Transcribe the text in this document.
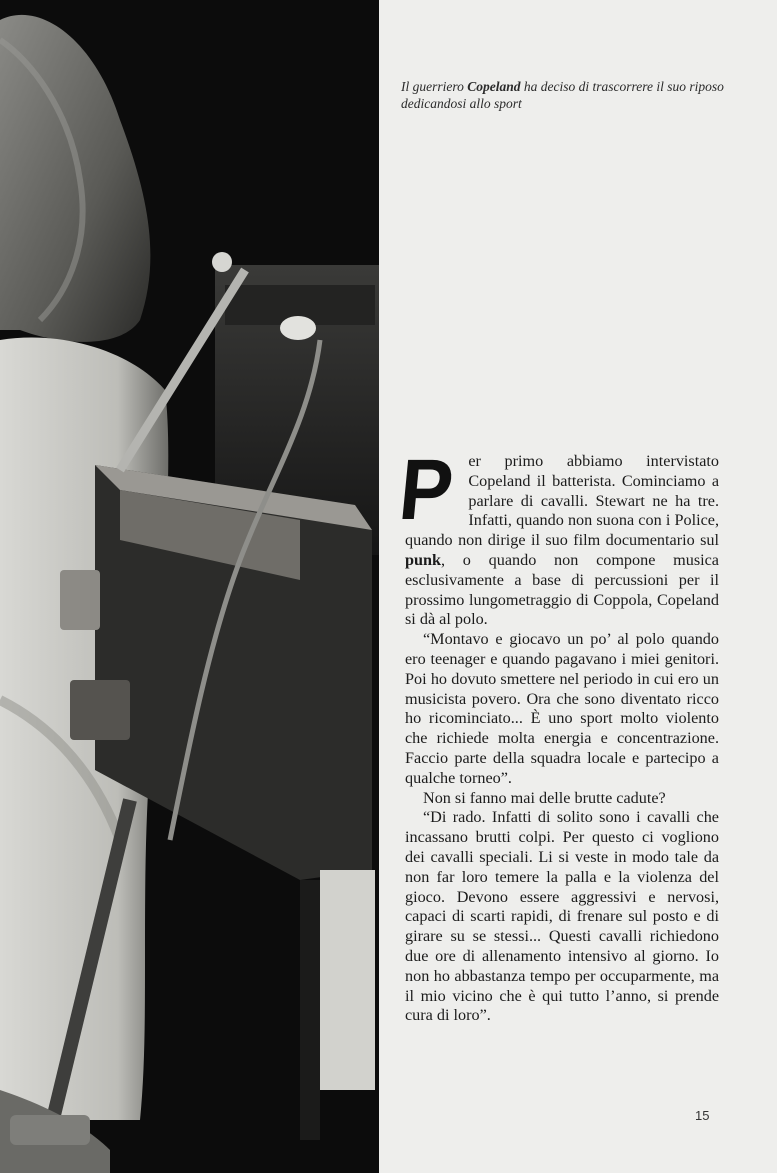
Il guerriero Copeland ha deciso di trascorrere il suo riposo dedicandosi allo sport
P er primo abbiamo intervistato Copeland il batterista. Cominciamo a parlare di cavalli. Stewart ne ha tre. Infatti, quando non suona con i Police, quando non dirige il suo film documentario sul punk, o quando non compone musica esclusivamente a base di percussioni per il prossimo lungometraggio di Coppola, Copeland si dà al polo.

“Montavo e giocavo un po’ al polo quando ero teenager e quando pagavano i miei genitori. Poi ho dovuto smettere nel periodo in cui ero un musicista povero. Ora che sono diventato ricco ho ricominciato... È uno sport molto violento che richiede molta energia e concentrazione. Faccio parte della squadra locale e partecipo a qualche torneo”.

Non si fanno mai delle brutte cadute?

“Di rado. Infatti di solito sono i cavalli che incassano brutti colpi. Per questo ci vogliono dei cavalli speciali. Li si veste in modo tale da non far loro temere la palla e la violenza del gioco. Devono essere aggressivi e nervosi, capaci di scarti rapidi, di frenare sul posto e di girare su se stessi... Questi cavalli richiedono due ore di allenamento intensivo al giorno. Io non ho abbastanza tempo per occuparmente, ma il mio vicino che è qui tutto l’anno, si prende cura di loro”.

15
